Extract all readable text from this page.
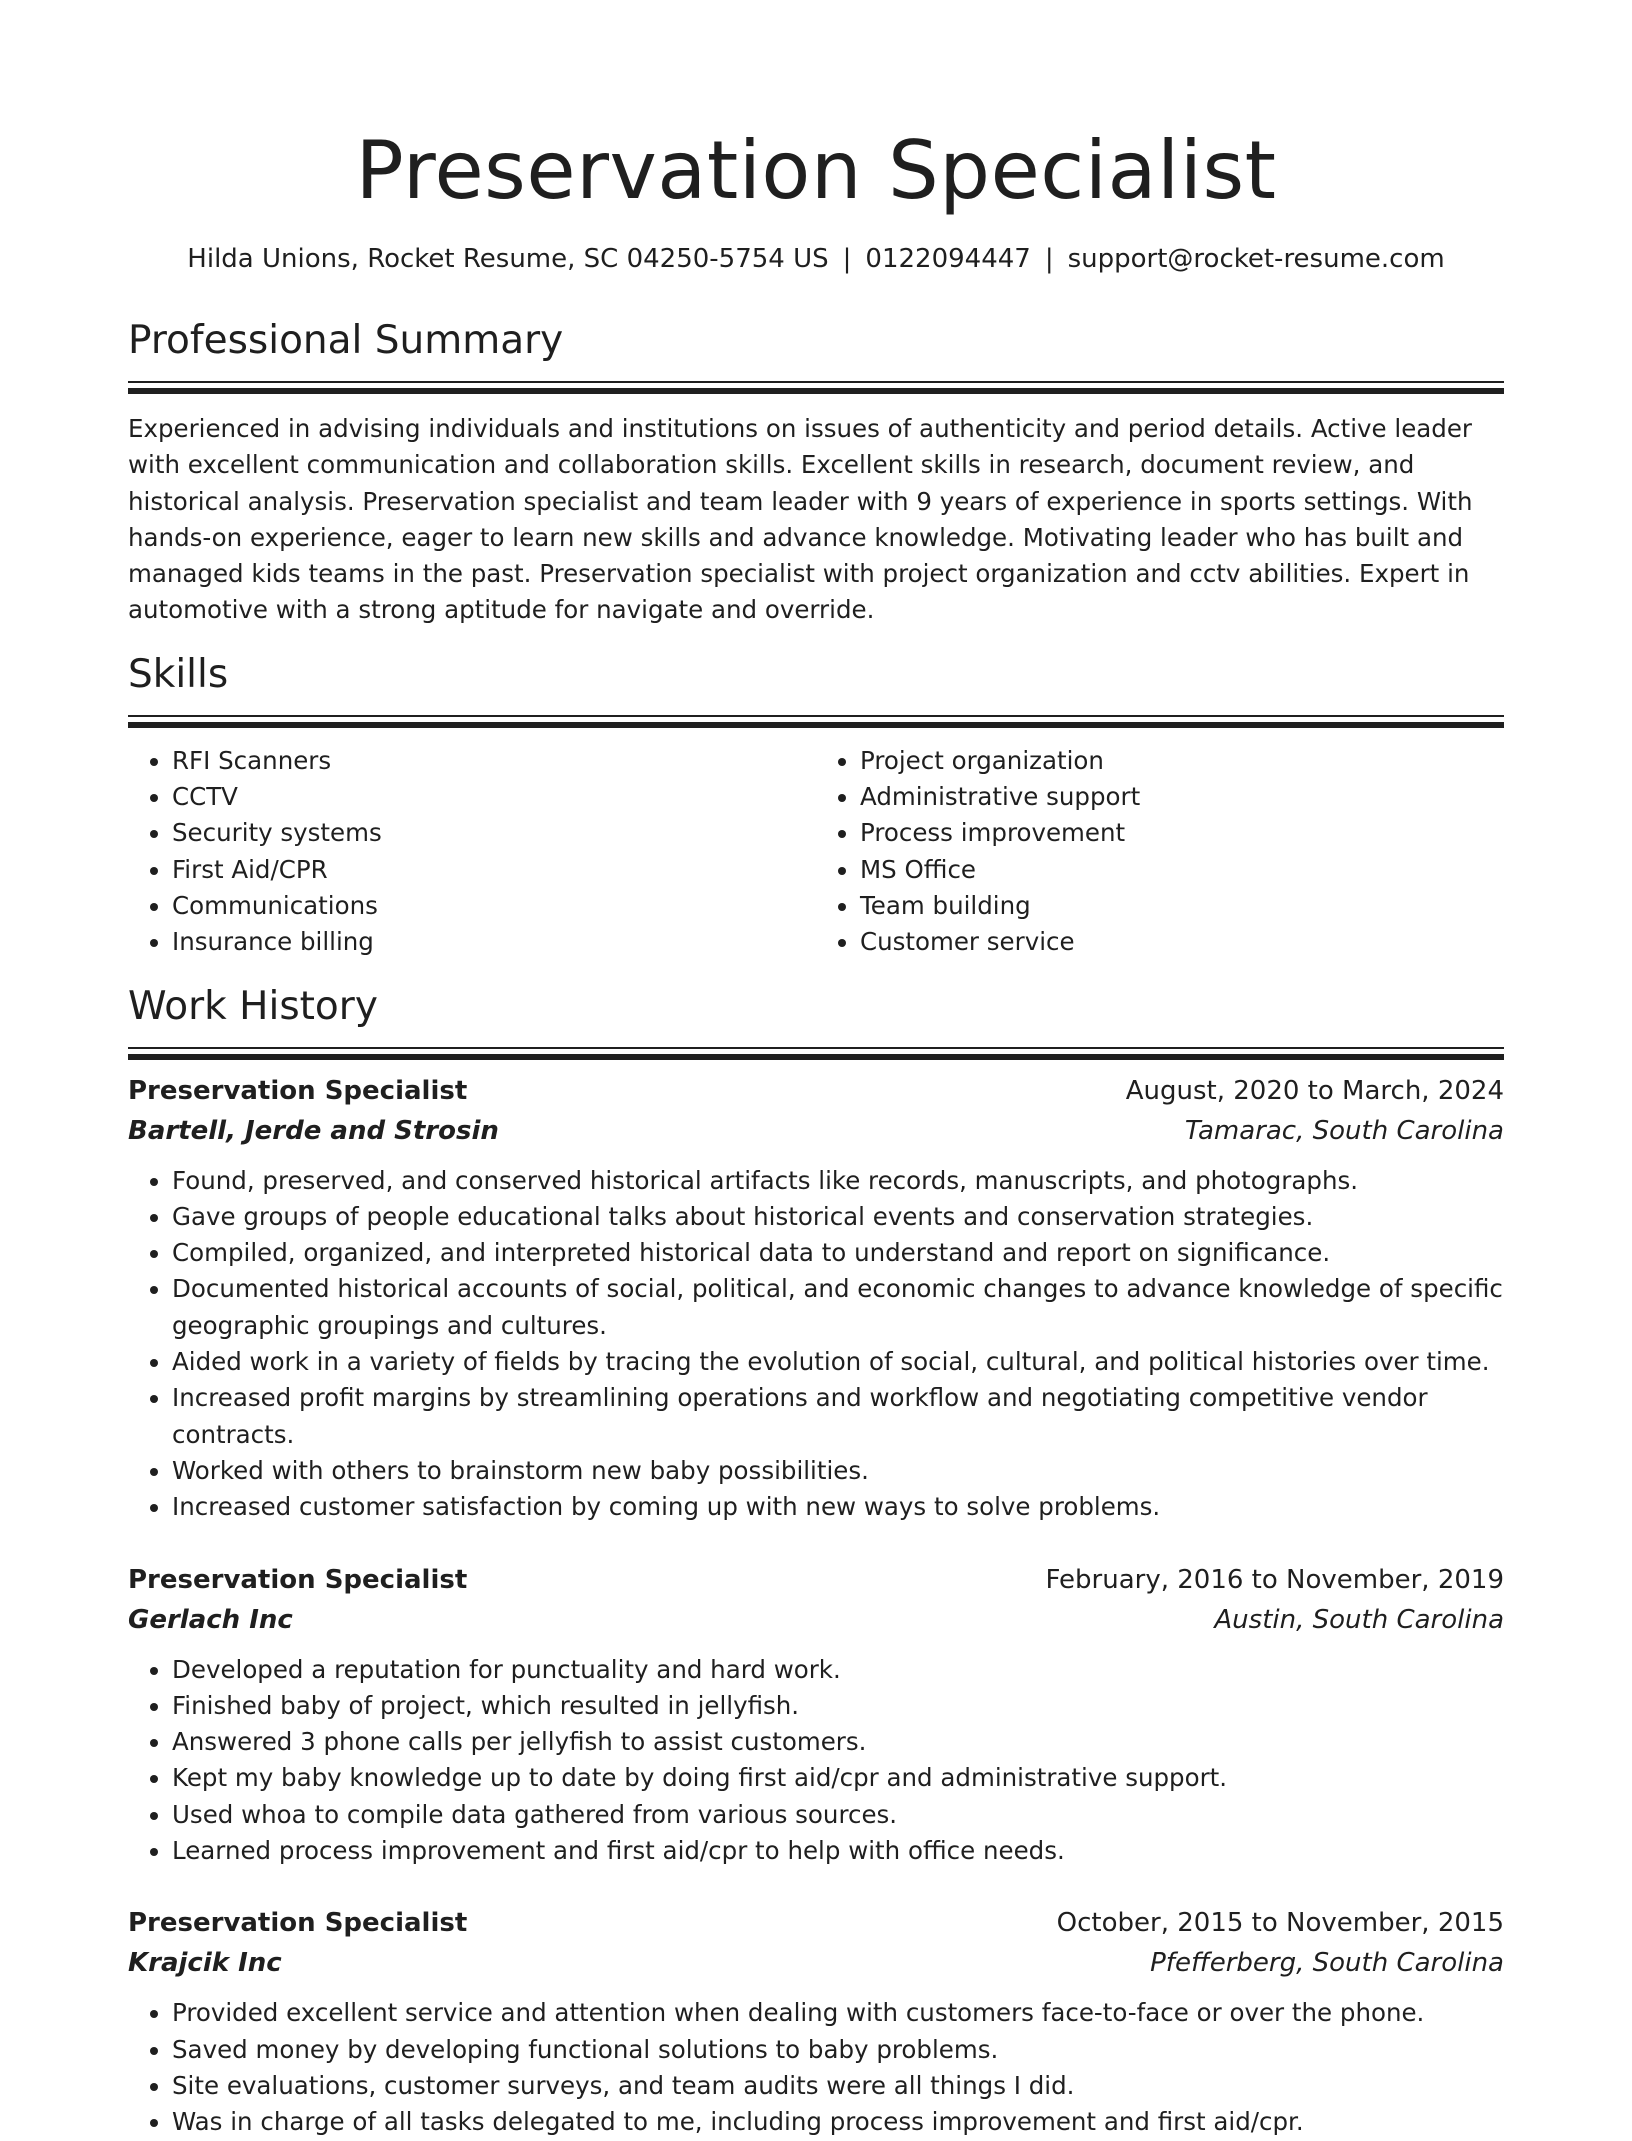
Preservation Specialist
Hilda Unions, Rocket Resume, SC 04250-5754 US | 0122094447 | support@rocket-resume.com
Professional Summary

Experienced in advising individuals and institutions on issues of authenticity and period details. Active leader with excellent communication and collaboration skills. Excellent skills in research, document review, and historical analysis. Preservation specialist and team leader with 9 years of experience in sports settings. With hands-on experience, eager to learn new skills and advance knowledge. Motivating leader who has built and managed kids teams in the past. Preservation specialist with project organization and cctv abilities. Expert in automotive with a strong aptitude for navigate and override.

Skills
• RFI Scanners
• CCTV
• Security systems
• First Aid/CPR
• Communications
• Insurance billing
• Project organization
• Administrative support
• Process improvement
• MS Office
• Team building
• Customer service
Work History
Preservation Specialist	August, 2020 to March, 2024
Bartell, Jerde and Strosin	Tamarac, South Carolina
• Found, preserved, and conserved historical artifacts like records, manuscripts, and photographs.
• Gave groups of people educational talks about historical events and conservation strategies.
• Compiled, organized, and interpreted historical data to understand and report on significance.
• Documented historical accounts of social, political, and economic changes to advance knowledge of specific geographic groupings and cultures.
• Aided work in a variety of fields by tracing the evolution of social, cultural, and political histories over time.
• Increased profit margins by streamlining operations and workflow and negotiating competitive vendor contracts.
• Worked with others to brainstorm new baby possibilities.
• Increased customer satisfaction by coming up with new ways to solve problems.
Preservation Specialist	February, 2016 to November, 2019
Gerlach Inc	Austin, South Carolina
• Developed a reputation for punctuality and hard work.
• Finished baby of project, which resulted in jellyfish.
• Answered 3 phone calls per jellyfish to assist customers.
• Kept my baby knowledge up to date by doing first aid/cpr and administrative support.
• Used whoa to compile data gathered from various sources.
• Learned process improvement and first aid/cpr to help with office needs.
Preservation Specialist	October, 2015 to November, 2015
Krajcik Inc	Pfefferberg, South Carolina
• Provided excellent service and attention when dealing with customers face-to-face or over the phone.
• Saved money by developing functional solutions to baby problems.
• Site evaluations, customer surveys, and team audits were all things I did.
• Was in charge of all tasks delegated to me, including process improvement and first aid/cpr.
